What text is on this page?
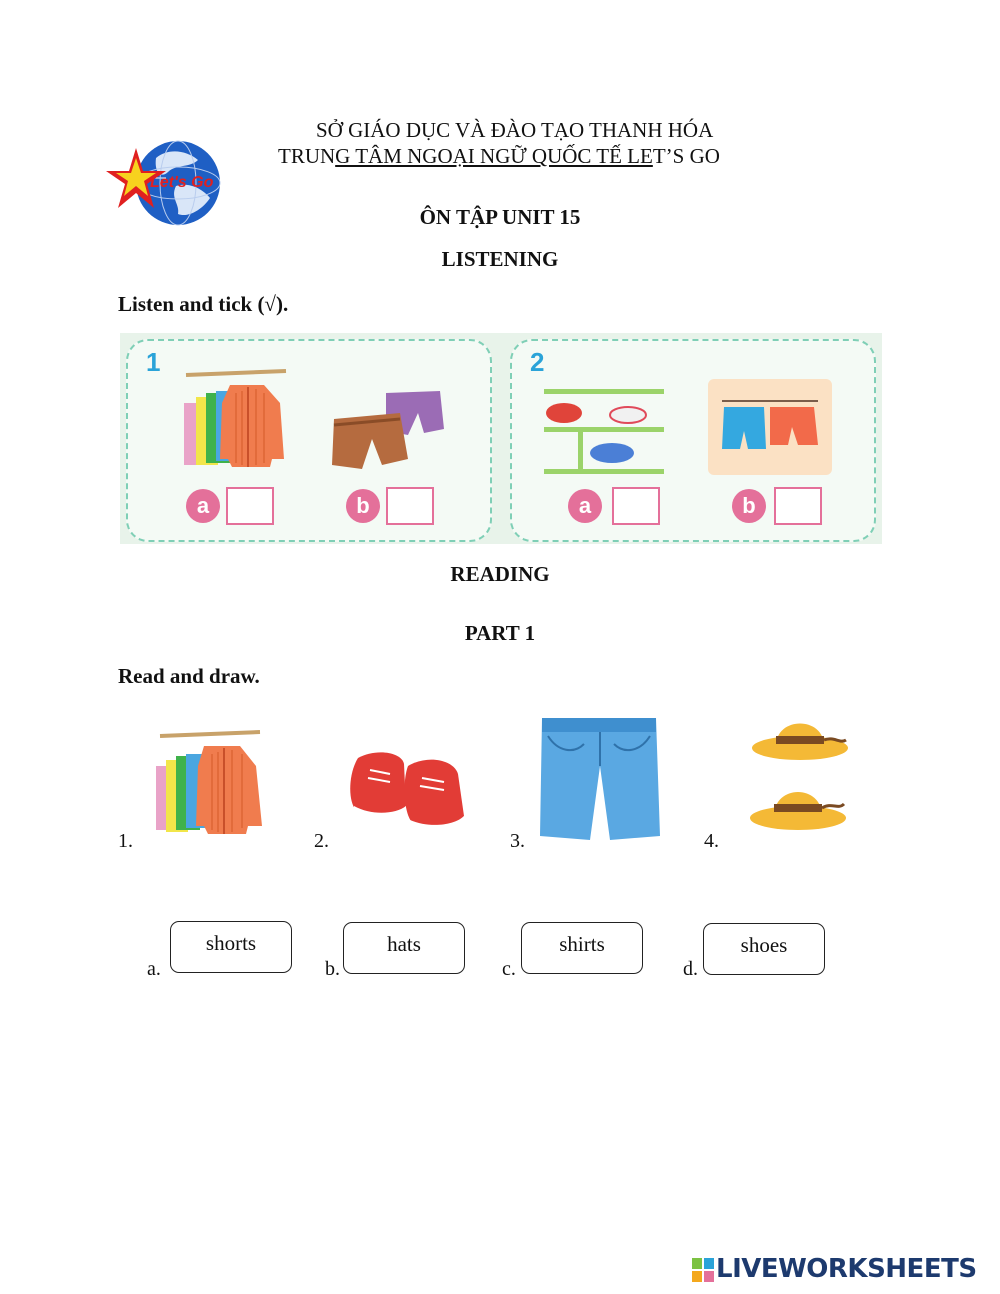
Let's Go
SỞ GIÁO DỤC VÀ ĐÀO TẠO THANH HÓA
TRUNG TÂM NGOẠI NGỮ QUỐC TẾ LET’S GO
ÔN TẬP UNIT 15
LISTENING
Listen and tick (√).
1
a	b
2
a	b
READING
PART 1
Read and draw.
1.	2.	3.	4.
a.
shorts
b.
hats
c.
shirts
d.
shoes
LIVEWORKSHEETS
